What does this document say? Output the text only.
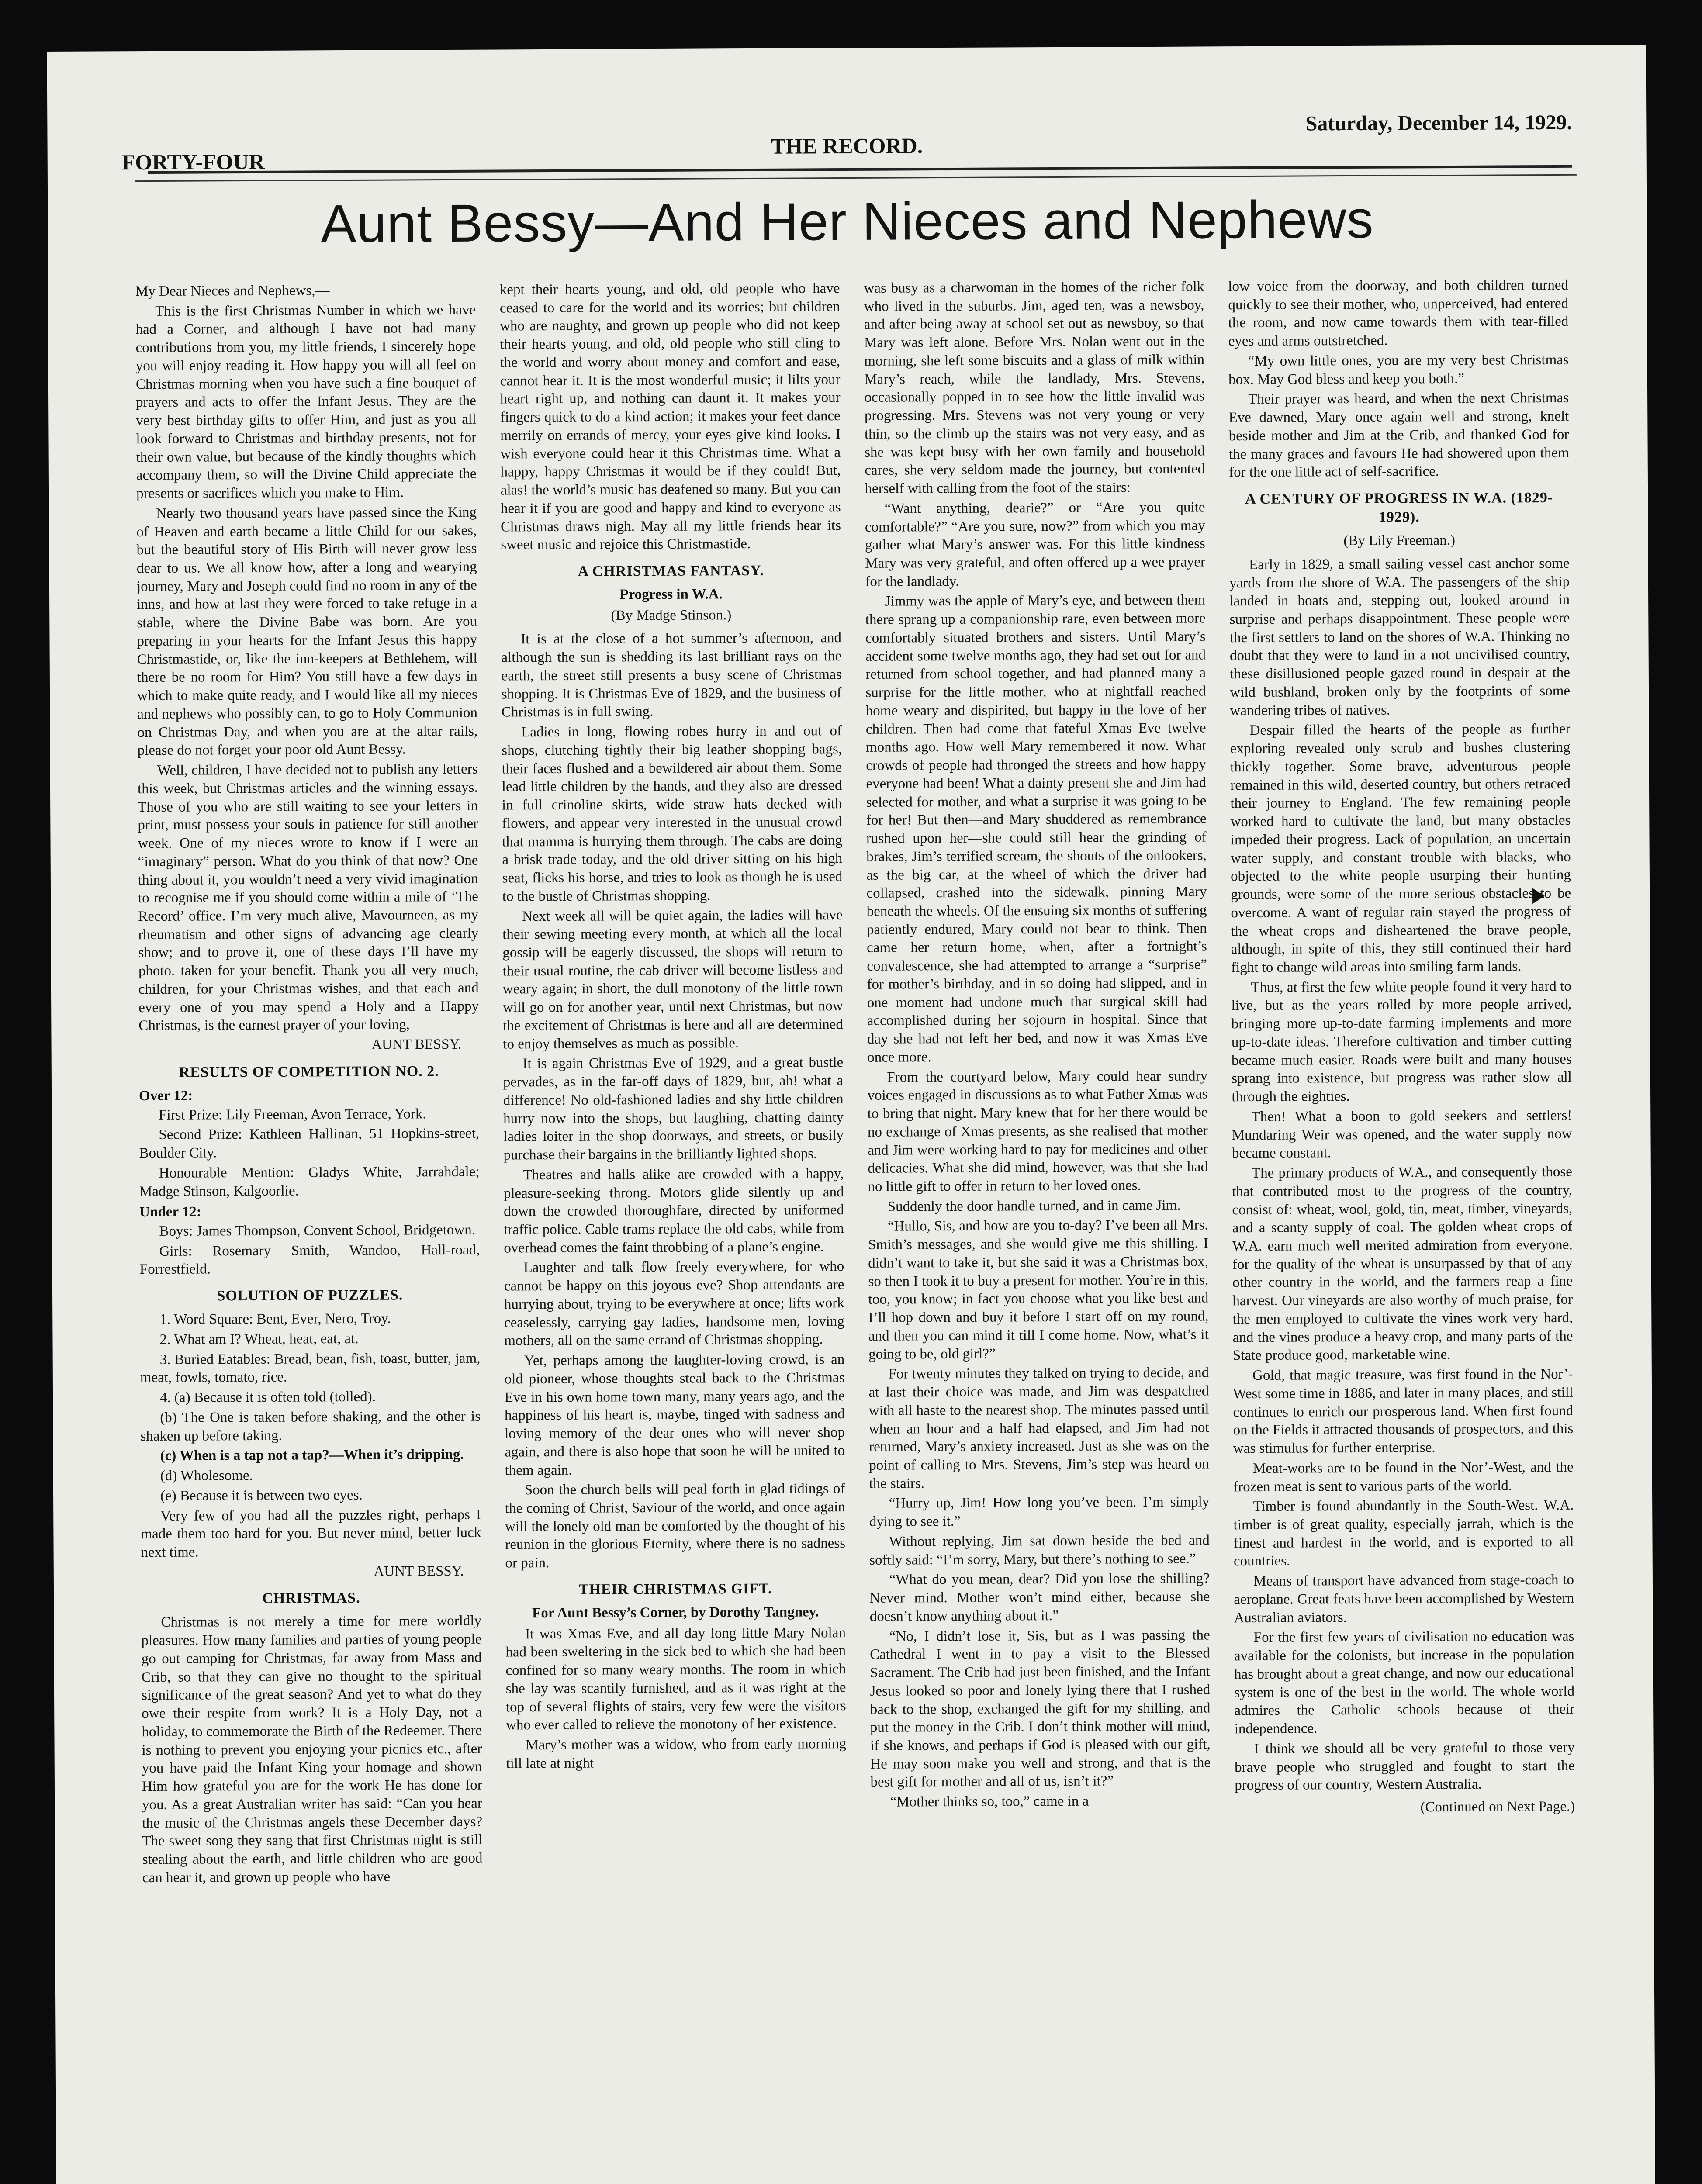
FORTY-FOUR
THE RECORD.
Saturday, December 14, 1929.
Aunt Bessy—And Her Nieces and Nephews

My Dear Nieces and Nephews,—

This is the first Christmas Number in which we have had a Corner, and although I have not had many contributions from you, my little friends, I sincerely hope you will enjoy reading it. How happy you will all feel on Christmas morning when you have such a fine bouquet of prayers and acts to offer the Infant Jesus. They are the very best birthday gifts to offer Him, and just as you all look forward to Christmas and birthday presents, not for their own value, but because of the kindly thoughts which accompany them, so will the Divine Child appreciate the presents or sacrifices which you make to Him.

Nearly two thousand years have passed since the King of Heaven and earth became a little Child for our sakes, but the beautiful story of His Birth will never grow less dear to us. We all know how, after a long and wearying journey, Mary and Joseph could find no room in any of the inns, and how at last they were forced to take refuge in a stable, where the Divine Babe was born. Are you preparing in your hearts for the Infant Jesus this happy Christmastide, or, like the inn-keepers at Bethlehem, will there be no room for Him? You still have a few days in which to make quite ready, and I would like all my nieces and nephews who possibly can, to go to Holy Communion on Christmas Day, and when you are at the altar rails, please do not forget your poor old Aunt Bessy.

Well, children, I have decided not to publish any letters this week, but Christmas articles and the winning essays. Those of you who are still waiting to see your letters in print, must possess your souls in patience for still another week. One of my nieces wrote to know if I were an “imaginary” person. What do you think of that now? One thing about it, you wouldn’t need a very vivid imagination to recognise me if you should come within a mile of ‘The Record’ office. I’m very much alive, Mavourneen, as my rheumatism and other signs of advancing age clearly show; and to prove it, one of these days I’ll have my photo. taken for your benefit. Thank you all very much, children, for your Christmas wishes, and that each and every one of you may spend a Holy and a Happy Christmas, is the earnest prayer of your loving,

AUNT BESSY.
RESULTS OF COMPETITION NO. 2.
Over 12:

First Prize: Lily Freeman, Avon Terrace, York.

Second Prize: Kathleen Hallinan, 51 Hopkins-street, Boulder City.

Honourable Mention: Gladys White, Jarrahdale; Madge Stinson, Kalgoorlie.

Under 12:

Boys: James Thompson, Convent School, Bridgetown.

Girls: Rosemary Smith, Wandoo, Hall-road, Forrestfield.

SOLUTION OF PUZZLES.

1. Word Square: Bent, Ever, Nero, Troy.

2. What am I? Wheat, heat, eat, at.

3. Buried Eatables: Bread, bean, fish, toast, butter, jam, meat, fowls, tomato, rice.

4. (a) Because it is often told (tolled).

(b) The One is taken before shaking, and the other is shaken up before taking.

(c) When is a tap not a tap?—When it’s dripping.

(d) Wholesome.

(e) Because it is between two eyes.

Very few of you had all the puzzles right, perhaps I made them too hard for you. But never mind, better luck next time.

AUNT BESSY.
CHRISTMAS.

Christmas is not merely a time for mere worldly pleasures. How many families and parties of young people go out camping for Christmas, far away from Mass and Crib, so that they can give no thought to the spiritual significance of the great season? And yet to what do they owe their respite from work? It is a Holy Day, not a holiday, to commemorate the Birth of the Redeemer. There is nothing to prevent you enjoying your picnics etc., after you have paid the Infant King your homage and shown Him how grateful you are for the work He has done for you. As a great Australian writer has said: “Can you hear the music of the Christmas angels these December days? The sweet song they sang that first Christmas night is still stealing about the earth, and little children who are good can hear it, and grown up people who have

kept their hearts young, and old, old people who have ceased to care for the world and its worries; but children who are naughty, and grown up people who did not keep their hearts young, and old, old people who still cling to the world and worry about money and comfort and ease, cannot hear it. It is the most wonderful music; it lilts your heart right up, and nothing can daunt it. It makes your fingers quick to do a kind action; it makes your feet dance merrily on errands of mercy, your eyes give kind looks. I wish everyone could hear it this Christmas time. What a happy, happy Christmas it would be if they could! But, alas! the world’s music has deafened so many. But you can hear it if you are good and happy and kind to everyone as Christmas draws nigh. May all my little friends hear its sweet music and rejoice this Christmastide.

A CHRISTMAS FANTASY.
Progress in W.A.
(By Madge Stinson.)

It is at the close of a hot summer’s afternoon, and although the sun is shedding its last brilliant rays on the earth, the street still presents a busy scene of Christmas shopping. It is Christmas Eve of 1829, and the business of Christmas is in full swing.

Ladies in long, flowing robes hurry in and out of shops, clutching tightly their big leather shopping bags, their faces flushed and a bewildered air about them. Some lead little children by the hands, and they also are dressed in full crinoline skirts, wide straw hats decked with flowers, and appear very interested in the unusual crowd that mamma is hurrying them through. The cabs are doing a brisk trade today, and the old driver sitting on his high seat, flicks his horse, and tries to look as though he is used to the bustle of Christmas shopping.

Next week all will be quiet again, the ladies will have their sewing meeting every month, at which all the local gossip will be eagerly discussed, the shops will return to their usual routine, the cab driver will become listless and weary again; in short, the dull monotony of the little town will go on for another year, until next Christmas, but now the excitement of Christmas is here and all are determined to enjoy themselves as much as possible.

It is again Christmas Eve of 1929, and a great bustle pervades, as in the far-off days of 1829, but, ah! what a difference! No old-fashioned ladies and shy little children hurry now into the shops, but laughing, chatting dainty ladies loiter in the shop doorways, and streets, or busily purchase their bargains in the brilliantly lighted shops.

Theatres and halls alike are crowded with a happy, pleasure-seeking throng. Motors glide silently up and down the crowded thoroughfare, directed by uniformed traffic police. Cable trams replace the old cabs, while from overhead comes the faint throbbing of a plane’s engine.

Laughter and talk flow freely everywhere, for who cannot be happy on this joyous eve? Shop attendants are hurrying about, trying to be everywhere at once; lifts work ceaselessly, carrying gay ladies, handsome men, loving mothers, all on the same errand of Christmas shopping.

Yet, perhaps among the laughter-loving crowd, is an old pioneer, whose thoughts steal back to the Christmas Eve in his own home town many, many years ago, and the happiness of his heart is, maybe, tinged with sadness and loving memory of the dear ones who will never shop again, and there is also hope that soon he will be united to them again.

Soon the church bells will peal forth in glad tidings of the coming of Christ, Saviour of the world, and once again will the lonely old man be comforted by the thought of his reunion in the glorious Eternity, where there is no sadness or pain.

THEIR CHRISTMAS GIFT.
For Aunt Bessy’s Corner, by Dorothy Tangney.

It was Xmas Eve, and all day long little Mary Nolan had been sweltering in the sick bed to which she had been confined for so many weary months. The room in which she lay was scantily furnished, and as it was right at the top of several flights of stairs, very few were the visitors who ever called to relieve the monotony of her existence.

Mary’s mother was a widow, who from early morning till late at night

was busy as a charwoman in the homes of the richer folk who lived in the suburbs. Jim, aged ten, was a newsboy, and after being away at school set out as newsboy, so that Mary was left alone. Before Mrs. Nolan went out in the morning, she left some biscuits and a glass of milk within Mary’s reach, while the landlady, Mrs. Stevens, occasionally popped in to see how the little invalid was progressing. Mrs. Stevens was not very young or very thin, so the climb up the stairs was not very easy, and as she was kept busy with her own family and household cares, she very seldom made the journey, but contented herself with calling from the foot of the stairs:

“Want anything, dearie?” or “Are you quite comfortable?” “Are you sure, now?” from which you may gather what Mary’s answer was. For this little kindness Mary was very grateful, and often offered up a wee prayer for the landlady.

Jimmy was the apple of Mary’s eye, and between them there sprang up a companionship rare, even between more comfortably situated brothers and sisters. Until Mary’s accident some twelve months ago, they had set out for and returned from school together, and had planned many a surprise for the little mother, who at nightfall reached home weary and dispirited, but happy in the love of her children. Then had come that fateful Xmas Eve twelve months ago. How well Mary remembered it now. What crowds of people had thronged the streets and how happy everyone had been! What a dainty present she and Jim had selected for mother, and what a surprise it was going to be for her! But then—and Mary shuddered as remembrance rushed upon her—she could still hear the grinding of brakes, Jim’s terrified scream, the shouts of the onlookers, as the big car, at the wheel of which the driver had collapsed, crashed into the sidewalk, pinning Mary beneath the wheels. Of the ensuing six months of suffering patiently endured, Mary could not bear to think. Then came her return home, when, after a fortnight’s convalescence, she had attempted to arrange a “surprise” for mother’s birthday, and in so doing had slipped, and in one moment had undone much that surgical skill had accomplished during her sojourn in hospital. Since that day she had not left her bed, and now it was Xmas Eve once more.

From the courtyard below, Mary could hear sundry voices engaged in discussions as to what Father Xmas was to bring that night. Mary knew that for her there would be no exchange of Xmas presents, as she realised that mother and Jim were working hard to pay for medicines and other delicacies. What she did mind, however, was that she had no little gift to offer in return to her loved ones.

Suddenly the door handle turned, and in came Jim.

“Hullo, Sis, and how are you to-day? I’ve been all Mrs. Smith’s messages, and she would give me this shilling. I didn’t want to take it, but she said it was a Christmas box, so then I took it to buy a present for mother. You’re in this, too, you know; in fact you choose what you like best and I’ll hop down and buy it before I start off on my round, and then you can mind it till I come home. Now, what’s it going to be, old girl?”

For twenty minutes they talked on trying to decide, and at last their choice was made, and Jim was despatched with all haste to the nearest shop. The minutes passed until when an hour and a half had elapsed, and Jim had not returned, Mary’s anxiety increased. Just as she was on the point of calling to Mrs. Stevens, Jim’s step was heard on the stairs.

“Hurry up, Jim! How long you’ve been. I’m simply dying to see it.”

Without replying, Jim sat down beside the bed and softly said: “I’m sorry, Mary, but there’s nothing to see.”

“What do you mean, dear? Did you lose the shilling? Never mind. Mother won’t mind either, because she doesn’t know anything about it.”

“No, I didn’t lose it, Sis, but as I was passing the Cathedral I went in to pay a visit to the Blessed Sacrament. The Crib had just been finished, and the Infant Jesus looked so poor and lonely lying there that I rushed back to the shop, exchanged the gift for my shilling, and put the money in the Crib. I don’t think mother will mind, if she knows, and perhaps if God is pleased with our gift, He may soon make you well and strong, and that is the best gift for mother and all of us, isn’t it?”

“Mother thinks so, too,” came in a

low voice from the doorway, and both children turned quickly to see their mother, who, unperceived, had entered the room, and now came towards them with tear-filled eyes and arms outstretched.

“My own little ones, you are my very best Christmas box. May God bless and keep you both.”

Their prayer was heard, and when the next Christmas Eve dawned, Mary once again well and strong, knelt beside mother and Jim at the Crib, and thanked God for the many graces and favours He had showered upon them for the one little act of self-sacrifice.

A CENTURY OF PROGRESS IN W.A. (1829-1929).
(By Lily Freeman.)

Early in 1829, a small sailing vessel cast anchor some yards from the shore of W.A. The passengers of the ship landed in boats and, stepping out, looked around in surprise and perhaps disappointment. These people were the first settlers to land on the shores of W.A. Thinking no doubt that they were to land in a not uncivilised country, these disillusioned people gazed round in despair at the wild bushland, broken only by the footprints of some wandering tribes of natives.

Despair filled the hearts of the people as further exploring revealed only scrub and bushes clustering thickly together. Some brave, adventurous people remained in this wild, deserted country, but others retraced their journey to England. The few remaining people worked hard to cultivate the land, but many obstacles impeded their progress. Lack of population, an uncertain water supply, and constant trouble with blacks, who objected to the white people usurping their hunting grounds, were some of the more serious obstacles to be overcome. A want of regular rain stayed the progress of the wheat crops and disheartened the brave people, although, in spite of this, they still continued their hard fight to change wild areas into smiling farm lands.

Thus, at first the few white people found it very hard to live, but as the years rolled by more people arrived, bringing more up-to-date farming implements and more up-to-date ideas. Therefore cultivation and timber cutting became much easier. Roads were built and many houses sprang into existence, but progress was rather slow all through the eighties.

Then! What a boon to gold seekers and settlers! Mundaring Weir was opened, and the water supply now became constant.

The primary products of W.A., and consequently those that contributed most to the progress of the country, consist of: wheat, wool, gold, tin, meat, timber, vineyards, and a scanty supply of coal. The golden wheat crops of W.A. earn much well merited admiration from everyone, for the quality of the wheat is unsurpassed by that of any other country in the world, and the farmers reap a fine harvest. Our vineyards are also worthy of much praise, for the men employed to cultivate the vines work very hard, and the vines produce a heavy crop, and many parts of the State produce good, marketable wine.

Gold, that magic treasure, was first found in the Nor’-West some time in 1886, and later in many places, and still continues to enrich our prosperous land. When first found on the Fields it attracted thousands of prospectors, and this was stimulus for further enterprise.

Meat-works are to be found in the Nor’-West, and the frozen meat is sent to various parts of the world.

Timber is found abundantly in the South-West. W.A. timber is of great quality, especially jarrah, which is the finest and hardest in the world, and is exported to all countries.

Means of transport have advanced from stage-coach to aeroplane. Great feats have been accomplished by Western Australian aviators.

For the first few years of civilisation no education was available for the colonists, but increase in the population has brought about a great change, and now our educational system is one of the best in the world. The whole world admires the Catholic schools because of their independence.

I think we should all be very grateful to those very brave people who struggled and fought to start the progress of our country, Western Australia.

(Continued on Next Page.)
